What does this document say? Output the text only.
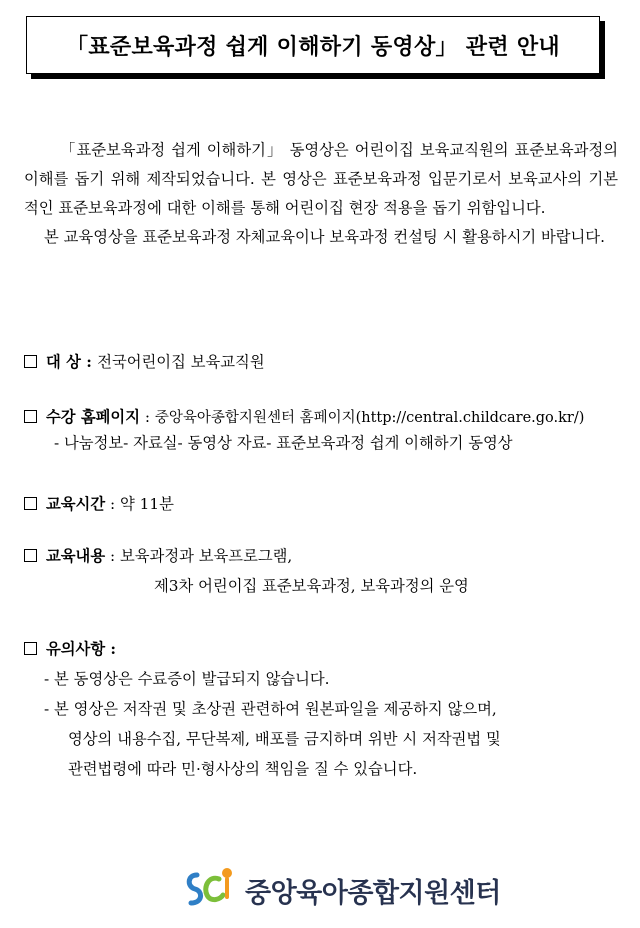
「표준보육과정 쉽게 이해하기 동영상」 관련 안내

「표준보육과정 쉽게 이해하기」 동영상은 어린이집 보육교직원의 표준보육과정의 이해를 돕기 위해 제작되었습니다. 본 영상은 표준보육과정 입문기로서 보육교사의 기본적인 표준보육과정에 대한 이해를 통해 어린이집 현장 적용을 돕기 위함입니다.

본 교육영상을 표준보육과정 자체교육이나 보육과정 컨설팅 시 활용하시기 바랍니다.

대 상 : 전국어린이집 보육교직원
수강 홈페이지 : 중앙육아종합지원센터 홈페이지(http://central.childcare.go.kr/)
- 나눔정보- 자료실- 동영상 자료- 표준보육과정 쉽게 이해하기 동영상
교육시간 : 약 11분
교육내용 : 보육과정과 보육프로그램,
제3차 어린이집 표준보육과정, 보육과정의 운영
유의사항 :
- 본 동영상은 수료증이 발급되지 않습니다.
- 본 영상은 저작권 및 초상권 관련하여 원본파일을 제공하지 않으며,
영상의 내용수집, 무단복제, 배포를 금지하며 위반 시 저작권법 및
관련법령에 따라 민·형사상의 책임을 질 수 있습니다.
중앙육아종합지원센터
